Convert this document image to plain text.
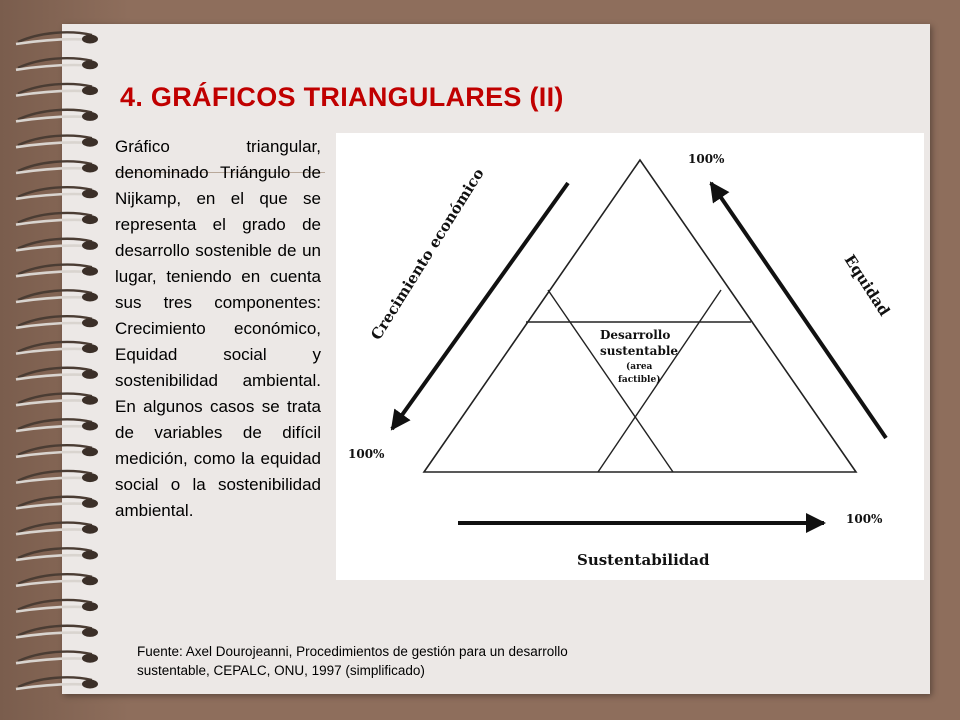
4. GRÁFICOS TRIANGULARES (II)
Gráfico triangular, denominado Triángulo de Nijkamp, en el que se representa el grado de desarrollo sostenible de un lugar, teniendo en cuenta sus tres componentes: Crecimiento económico, Equidad social y sostenibilidad ambiental. En algunos casos se trata de variables de difícil medición, como la equidad social o la sostenibilidad ambiental.
Fuente: Axel Dourojeanni, Procedimientos de gestión para un desarrollo
sustentable, CEPALC, ONU, 1997 (simplificado)
Crecimiento económico	Equidad
Sustentabilidad
100%
100%
100%
Desarrollo
sustentable
(area
factible)
